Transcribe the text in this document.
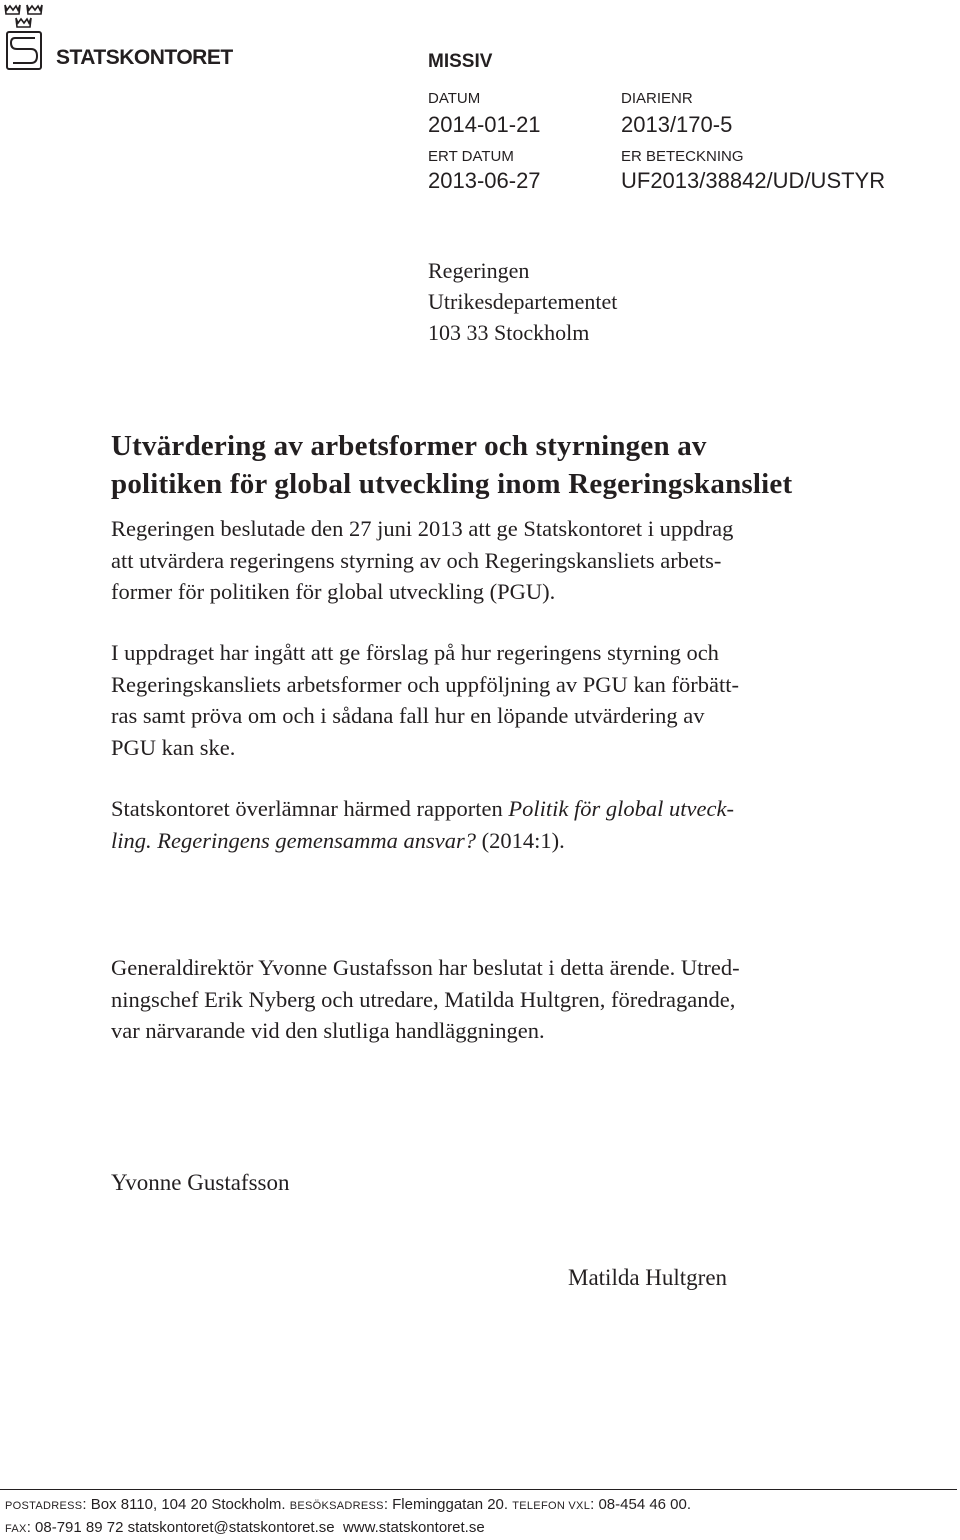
STATSKONTORET	MISSIV
DATUM
2014-01-21
ERT DATUM
2013-06-27
DIARIENR
2013/170-5
ER BETECKNING
UF2013/38842/UD/USTYR
Regeringen
Utrikesdepartementet
103 33 Stockholm
Utvärdering av arbetsformer och styrningen av
politiken för global utveckling inom Regeringskansliet
Regeringen beslutade den 27 juni 2013 att ge Statskontoret i uppdrag
att utvärdera regeringens styrning av och Regeringskansliets arbets-
former för politiken för global utveckling (PGU).
I uppdraget har ingått att ge förslag på hur regeringens styrning och
Regeringskansliets arbetsformer och uppföljning av PGU kan förbätt-
ras samt pröva om och i sådana fall hur en löpande utvärdering av
PGU kan ske.
Statskontoret överlämnar härmed rapporten Politik för global utveck-
ling. Regeringens gemensamma ansvar? (2014:1).
Generaldirektör Yvonne Gustafsson har beslutat i detta ärende. Utred-
ningschef Erik Nyberg och utredare, Matilda Hultgren, föredragande,
var närvarande vid den slutliga handläggningen.
Yvonne Gustafsson
Matilda Hultgren
POSTADRESS: Box 8110, 104 20 Stockholm. BESÖKSADRESS: Fleminggatan 20. TELEFON VXL: 08-454 46 00.
FAX: 08-791 89 72 statskontoret@statskontoret.se www.statskontoret.se
